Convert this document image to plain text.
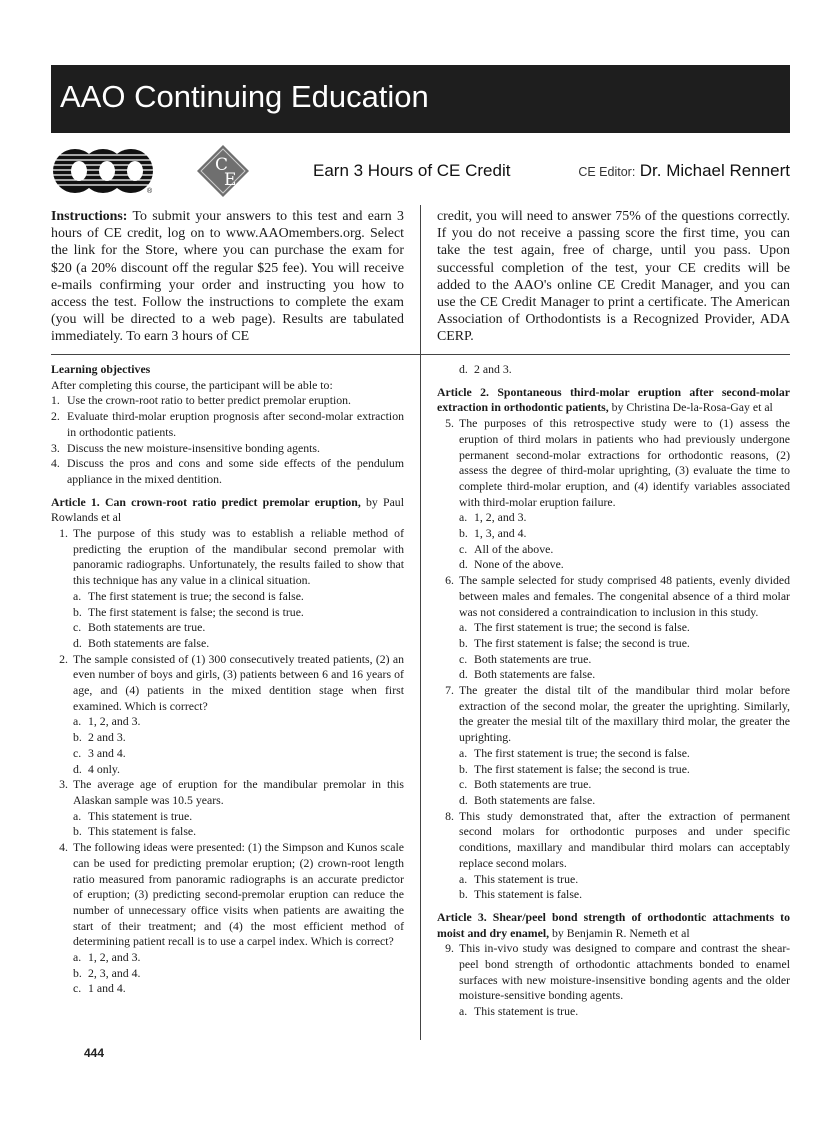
AAO Continuing Education
®
C
E	Earn 3 Hours of CE Credit	CE Editor: Dr. Michael Rennert

Instructions: To submit your answers to this test and earn 3 hours of CE credit, log on to www.AAOmembers.org. Select the link for the Store, where you can purchase the exam for $20 (a 20% discount off the regular $25 fee). You will receive e-mails confirming your order and instructing you how to access the test. Follow the instructions to complete the exam (you will be directed to a web page). Results are tabulated immediately. To earn 3 hours of CE

credit, you will need to answer 75% of the questions correctly. If you do not receive a passing score the first time, you can take the test again, free of charge, until you pass. Upon successful completion of the test, your CE credits will be added to the AAO's online CE Credit Manager, and you can use the CE Credit Manager to print a certificate. The American Association of Orthodontists is a Recognized Provider, ADA CERP.

Learning objectives

After completing this course, the participant will be able to:

1. Use the crown-root ratio to better predict premolar eruption.
2. Evaluate third-molar eruption prognosis after second-molar extraction in orthodontic patients.
3. Discuss the new moisture-insensitive bonding agents.
4. Discuss the pros and cons and some side effects of the pendulum appliance in the mixed dentition.

Article 1. Can crown-root ratio predict premolar eruption, by Paul Rowlands et al

1. The purpose of this study was to establish a reliable method of predicting the eruption of the mandibular second premolar with panoramic radiographs. Unfortunately, the results failed to show that this technique has any value in a clinical situation.
a. The first statement is true; the second is false.
b. The first statement is false; the second is true.
c. Both statements are true.
d. Both statements are false.
2. The sample consisted of (1) 300 consecutively treated patients, (2) an even number of boys and girls, (3) patients between 6 and 16 years of age, and (4) patients in the mixed dentition stage when first examined. Which is correct?
a. 1, 2, and 3.
b. 2 and 3.
c. 3 and 4.
d. 4 only.
3. The average age of eruption for the mandibular premolar in this Alaskan sample was 10.5 years.
a. This statement is true.
b. This statement is false.
4. The following ideas were presented: (1) the Simpson and Kunos scale can be used for predicting premolar eruption; (2) crown-root length ratio measured from panoramic radiographs is an accurate predictor of eruption; (3) predicting second-premolar eruption can reduce the number of unnecessary office visits when patients are awaiting the start of their treatment; and (4) the most efficient method of determining patient recall is to use a carpel index. Which is correct?
a. 1, 2, and 3.
b. 2, 3, and 4.
c. 1 and 4.
d. 2 and 3.

Article 2. Spontaneous third-molar eruption after second-molar extraction in orthodontic patients, by Christina De-la-Rosa-Gay et al

5. The purposes of this retrospective study were to (1) assess the eruption of third molars in patients who had previously undergone permanent second-molar extractions for orthodontic reasons, (2) assess the degree of third-molar uprighting, (3) evaluate the time to complete third-molar eruption, and (4) identify variables associated with third-molar eruption failure.
a. 1, 2, and 3.
b. 1, 3, and 4.
c. All of the above.
d. None of the above.
6. The sample selected for study comprised 48 patients, evenly divided between males and females. The congenital absence of a third molar was not considered a contraindication to inclusion in this study.
a. The first statement is true; the second is false.
b. The first statement is false; the second is true.
c. Both statements are true.
d. Both statements are false.
7. The greater the distal tilt of the mandibular third molar before extraction of the second molar, the greater the uprighting. Similarly, the greater the mesial tilt of the maxillary third molar, the greater the uprighting.
a. The first statement is true; the second is false.
b. The first statement is false; the second is true.
c. Both statements are true.
d. Both statements are false.
8. This study demonstrated that, after the extraction of permanent second molars for orthodontic purposes and under specific conditions, maxillary and mandibular third molars can acceptably replace second molars.
a. This statement is true.
b. This statement is false.

Article 3. Shear/peel bond strength of orthodontic attachments to moist and dry enamel, by Benjamin R. Nemeth et al

9. This in-vivo study was designed to compare and contrast the shear-peel bond strength of orthodontic attachments bonded to enamel surfaces with new moisture-insensitive bonding agents and the older moisture-sensitive bonding agents.
a. This statement is true.
444
